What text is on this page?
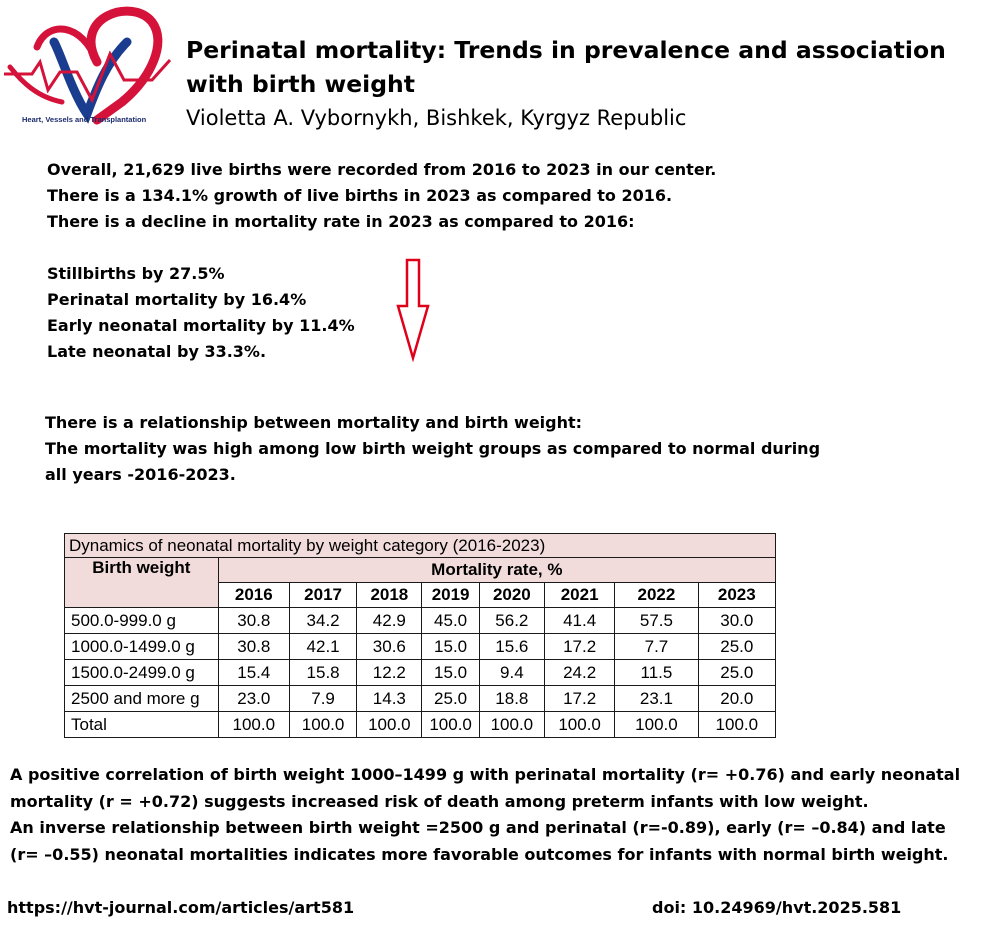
Heart, Vessels and Transplantation
Perinatal mortality: Trends in prevalence and association with birth weight
Violetta A. Vybornykh, Bishkek, Kyrgyz Republic
Overall, 21,629 live births were recorded from 2016 to 2023 in our center.
There is a 134.1% growth of live births in 2023 as compared to 2016.
There is a decline in mortality rate in 2023 as compared to 2016:
Stillbirths by 27.5%
Perinatal mortality by 16.4%
Early neonatal mortality by 11.4%
Late neonatal by 33.3%.
There is a relationship between mortality and birth weight:
The mortality was high among low birth weight groups as compared to normal during
all years -2016-2023.
Dynamics of neonatal mortality by weight category (2016-2023)								
Birth weight	Mortality rate, %							
	2016	2017	2018	2019	2020	2021	2022	2023
500.0-999.0 g	30.8	34.2	42.9	45.0	56.2	41.4	57.5	30.0
1000.0-1499.0 g	30.8	42.1	30.6	15.0	15.6	17.2	7.7	25.0
1500.0-2499.0 g	15.4	15.8	12.2	15.0	9.4	24.2	11.5	25.0
2500 and more g	23.0	7.9	14.3	25.0	18.8	17.2	23.1	20.0
Total	100.0	100.0	100.0	100.0	100.0	100.0	100.0	100.0
A positive correlation of birth weight 1000–1499 g with perinatal mortality (r= +0.76) and early neonatal
mortality (r = +0.72) suggests increased risk of death among preterm infants with low weight.
An inverse relationship between birth weight =2500 g and perinatal (r=-0.89), early (r= –0.84) and late
(r= –0.55) neonatal mortalities indicates more favorable outcomes for infants with normal birth weight.
https://hvt-journal.com/articles/art581	doi: 10.24969/hvt.2025.581
